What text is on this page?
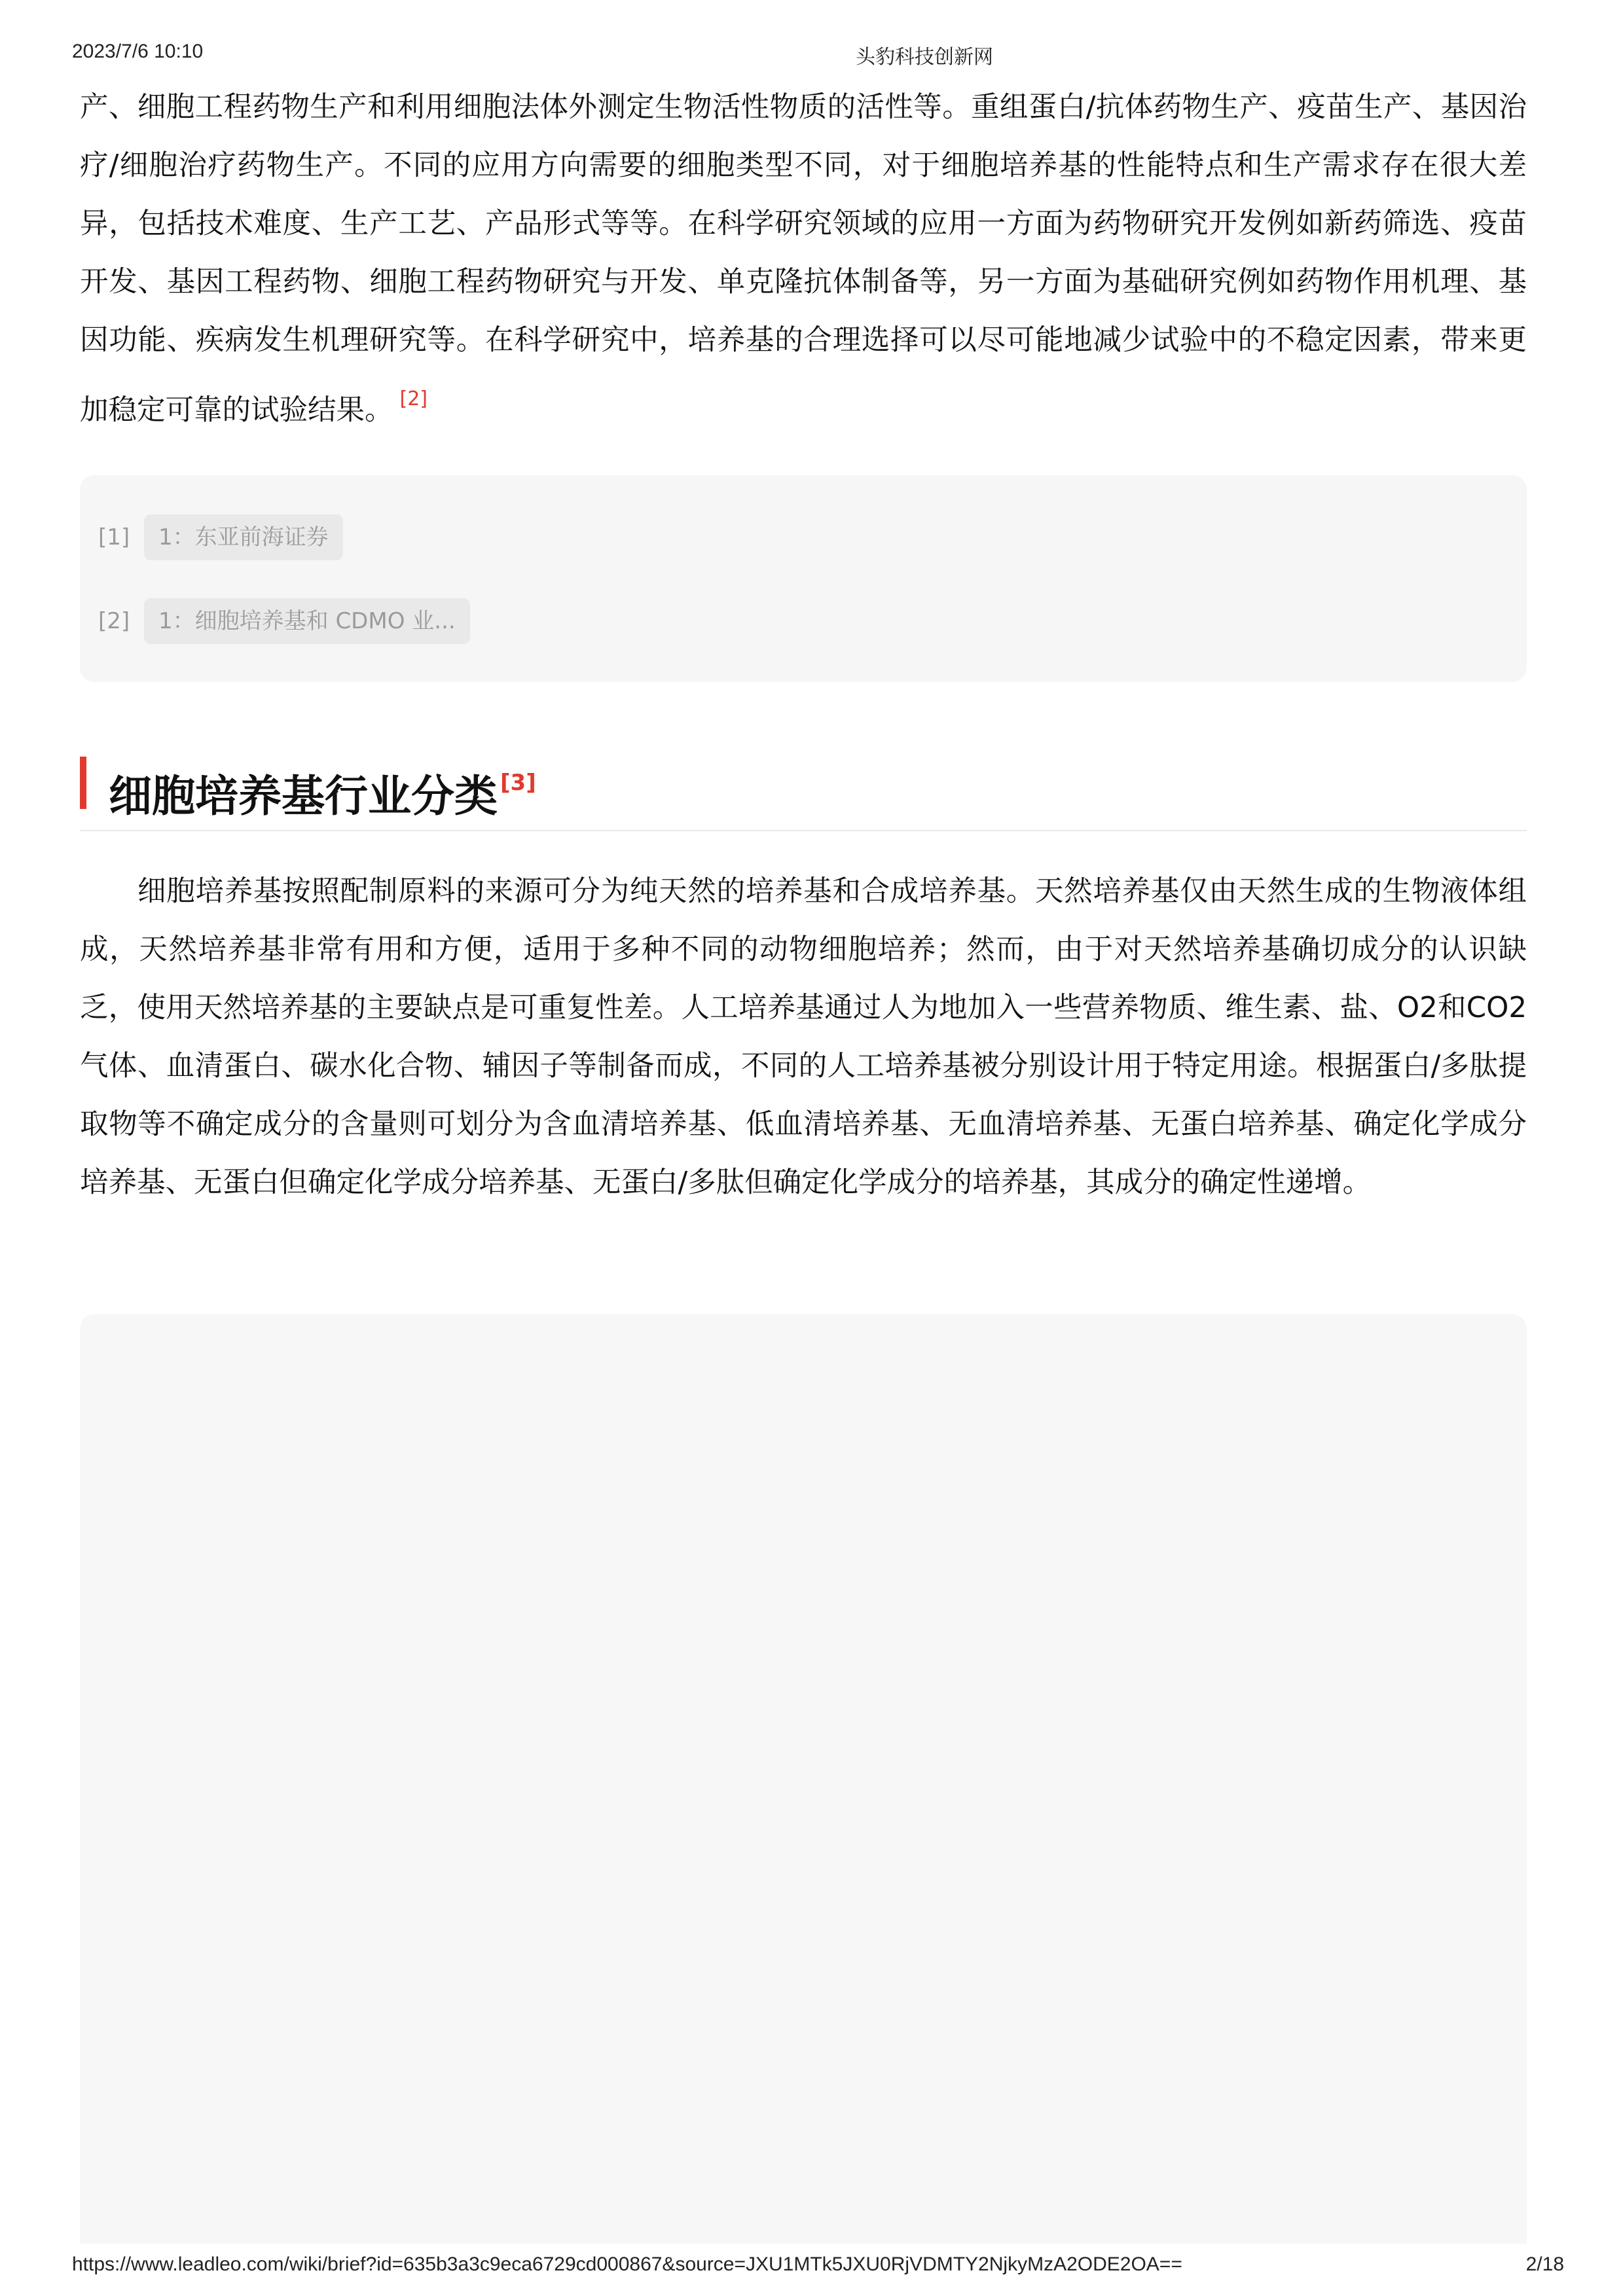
2023/7/6 10:10	头豹科技创新网

产、细胞工程药物生产和利用细胞法体外测定生物活性物质的活性等。重组蛋白/抗体药物生产、疫苗生产、基因治疗/细胞治疗药物生产。不同的应用方向需要的细胞类型不同，对于细胞培养基的性能特点和生产需求存在很大差异，包括技术难度、生产工艺、产品形式等等。在科学研究领域的应用一方面为药物研究开发例如新药筛选、疫苗开发、基因工程药物、细胞工程药物研究与开发、单克隆抗体制备等，另一方面为基础研究例如药物作用机理、基因功能、疾病发生机理研究等。在科学研究中，培养基的合理选择可以尽可能地减少试验中的不稳定因素，带来更加稳定可靠的试验结果。 [2]

[1]	1：东亚前海证券
[2]	1：细胞培养基和 CDMO 业...
细胞培养基行业分类 [3]

细胞培养基按照配制原料的来源可分为纯天然的培养基和合成培养基。天然培养基仅由天然生成的生物液体组成，天然培养基非常有用和方便，适用于多种不同的动物细胞培养；然而，由于对天然培养基确切成分的认识缺乏，使用天然培养基的主要缺点是可重复性差。人工培养基通过人为地加入一些营养物质、维生素、盐、O2和CO2气体、血清蛋白、碳水化合物、辅因子等制备而成，不同的人工培养基被分别设计用于特定用途。根据蛋白/多肽提取物等不确定成分的含量则可划分为含血清培养基、低血清培养基、无血清培养基、无蛋白培养基、确定化学成分培养基、无蛋白但确定化学成分培养基、无蛋白/多肽但确定化学成分的培养基，其成分的确定性递增。

https://www.leadleo.com/wiki/brief?id=635b3a3c9eca6729cd000867&source=JXU1MTk5JXU0RjVDMTY2NjkyMzA2ODE2OA==	2/18
